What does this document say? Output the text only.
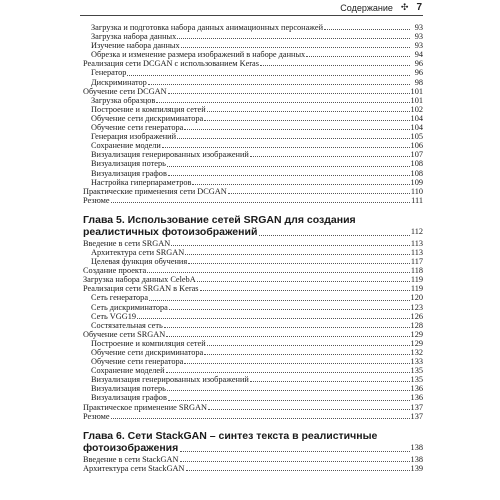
Содержание ✣ 7
Загрузка и подготовка набора данных анимационных персонажей	93
Загрузка набора данных	93
Изучение набора данных	93
Обрезка и изменение размера изображений в наборе данных	94
Реализация сети DCGAN с использованием Keras	96
Генератор	96
Дискриминатор	98
Обучение сети DCGAN	101
Загрузка образцов	101
Построение и компиляция сетей	102
Обучение сети дискриминатора	104
Обучение сети генератора	104
Генерация изображений	105
Сохранение модели	106
Визуализация генерированных изображений	107
Визуализация потерь	108
Визуализация графов	108
Настройка гиперпараметров	109
Практические применения сети DCGAN	110
Резюме	111
Глава 5. Использование сетей SRGAN для создания
реалистичных фотоизображений	112
Введение в сети SRGAN	113
Архитектура сети SRGAN	113
Целевая функция обучения	117
Создание проекта	118
Загрузка набора данных CelebA	119
Реализация сети SRGAN в Keras	119
Сеть генератора	120
Сеть дискриминатора	123
Сеть VGG19	126
Состязательная сеть	128
Обучение сети SRGAN	129
Построение и компиляция сетей	129
Обучение сети дискриминатора	132
Обучение сети генератора	133
Сохранение моделей	135
Визуализация генерированных изображений	135
Визуализация потерь	136
Визуализация графов	136
Практическое применение SRGAN	137
Резюме	137
Глава 6. Сети StackGAN – синтез текста в реалистичные
фотоизображения	138
Введение в сети StackGAN	138
Архитектура сети StackGAN	139
